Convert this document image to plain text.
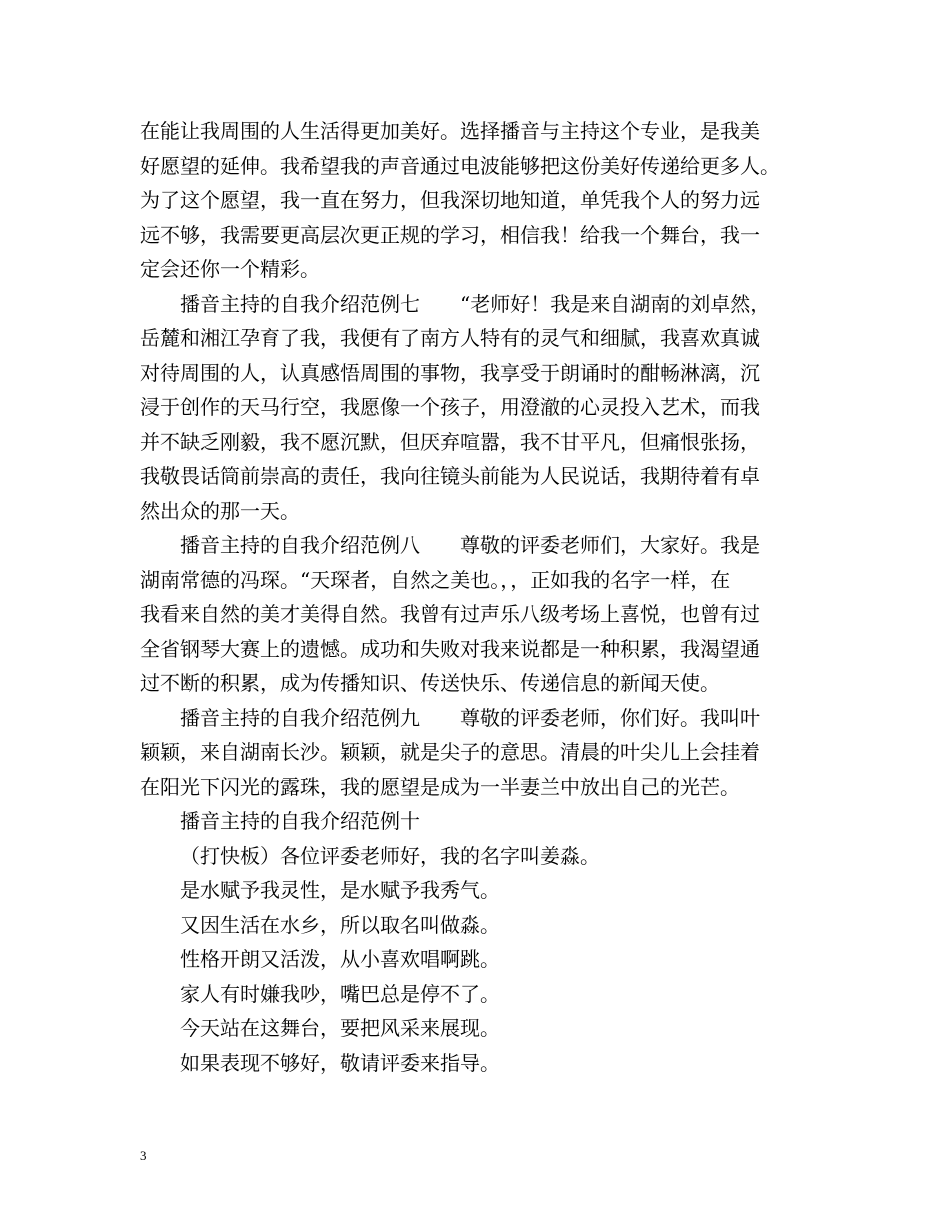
在能让我周围的人生活得更加美好。选择播音与主持这个专业，是我美
好愿望的延伸。我希望我的声音通过电波能够把这份美好传递给更多人。
为了这个愿望，我一直在努力，但我深切地知道，单凭我个人的努力远
远不够，我需要更高层次更正规的学习，相信我！给我一个舞台，我一
定会还你一个精彩。
播音主持的自我介绍范例七　　“老师好！我是来自湖南的刘卓然，
岳麓和湘江孕育了我，我便有了南方人特有的灵气和细腻，我喜欢真诚
对待周围的人，认真感悟周围的事物，我享受于朗诵时的酣畅淋漓，沉
浸于创作的天马行空，我愿像一个孩子，用澄澈的心灵投入艺术，而我
并不缺乏刚毅，我不愿沉默，但厌弃喧嚣，我不甘平凡，但痛恨张扬，
我敬畏话筒前崇高的责任，我向往镜头前能为人民说话，我期待着有卓
然出众的那一天。
播音主持的自我介绍范例八　　尊敬的评委老师们，大家好。我是
湖南常德的冯琛。“天琛者，自然之美也。，，正如我的名字一样，在
我看来自然的美才美得自然。我曾有过声乐八级考场上喜悦，也曾有过
全省钢琴大赛上的遗憾。成功和失败对我来说都是一种积累，我渴望通
过不断的积累，成为传播知识、传送快乐、传递信息的新闻天使。
播音主持的自我介绍范例九　　尊敬的评委老师，你们好。我叫叶
颖颖，来自湖南长沙。颖颖，就是尖子的意思。清晨的叶尖儿上会挂着
在阳光下闪光的露珠，我的愿望是成为一半妻兰中放出自己的光芒。
播音主持的自我介绍范例十
（打快板）各位评委老师好，我的名字叫姜淼。
是水赋予我灵性，是水赋予我秀气。
又因生活在水乡，所以取名叫做淼。
性格开朗又活泼，从小喜欢唱啊跳。
家人有时嫌我吵，嘴巴总是停不了。
今天站在这舞台，要把风采来展现。
如果表现不够好，敬请评委来指导。
3
